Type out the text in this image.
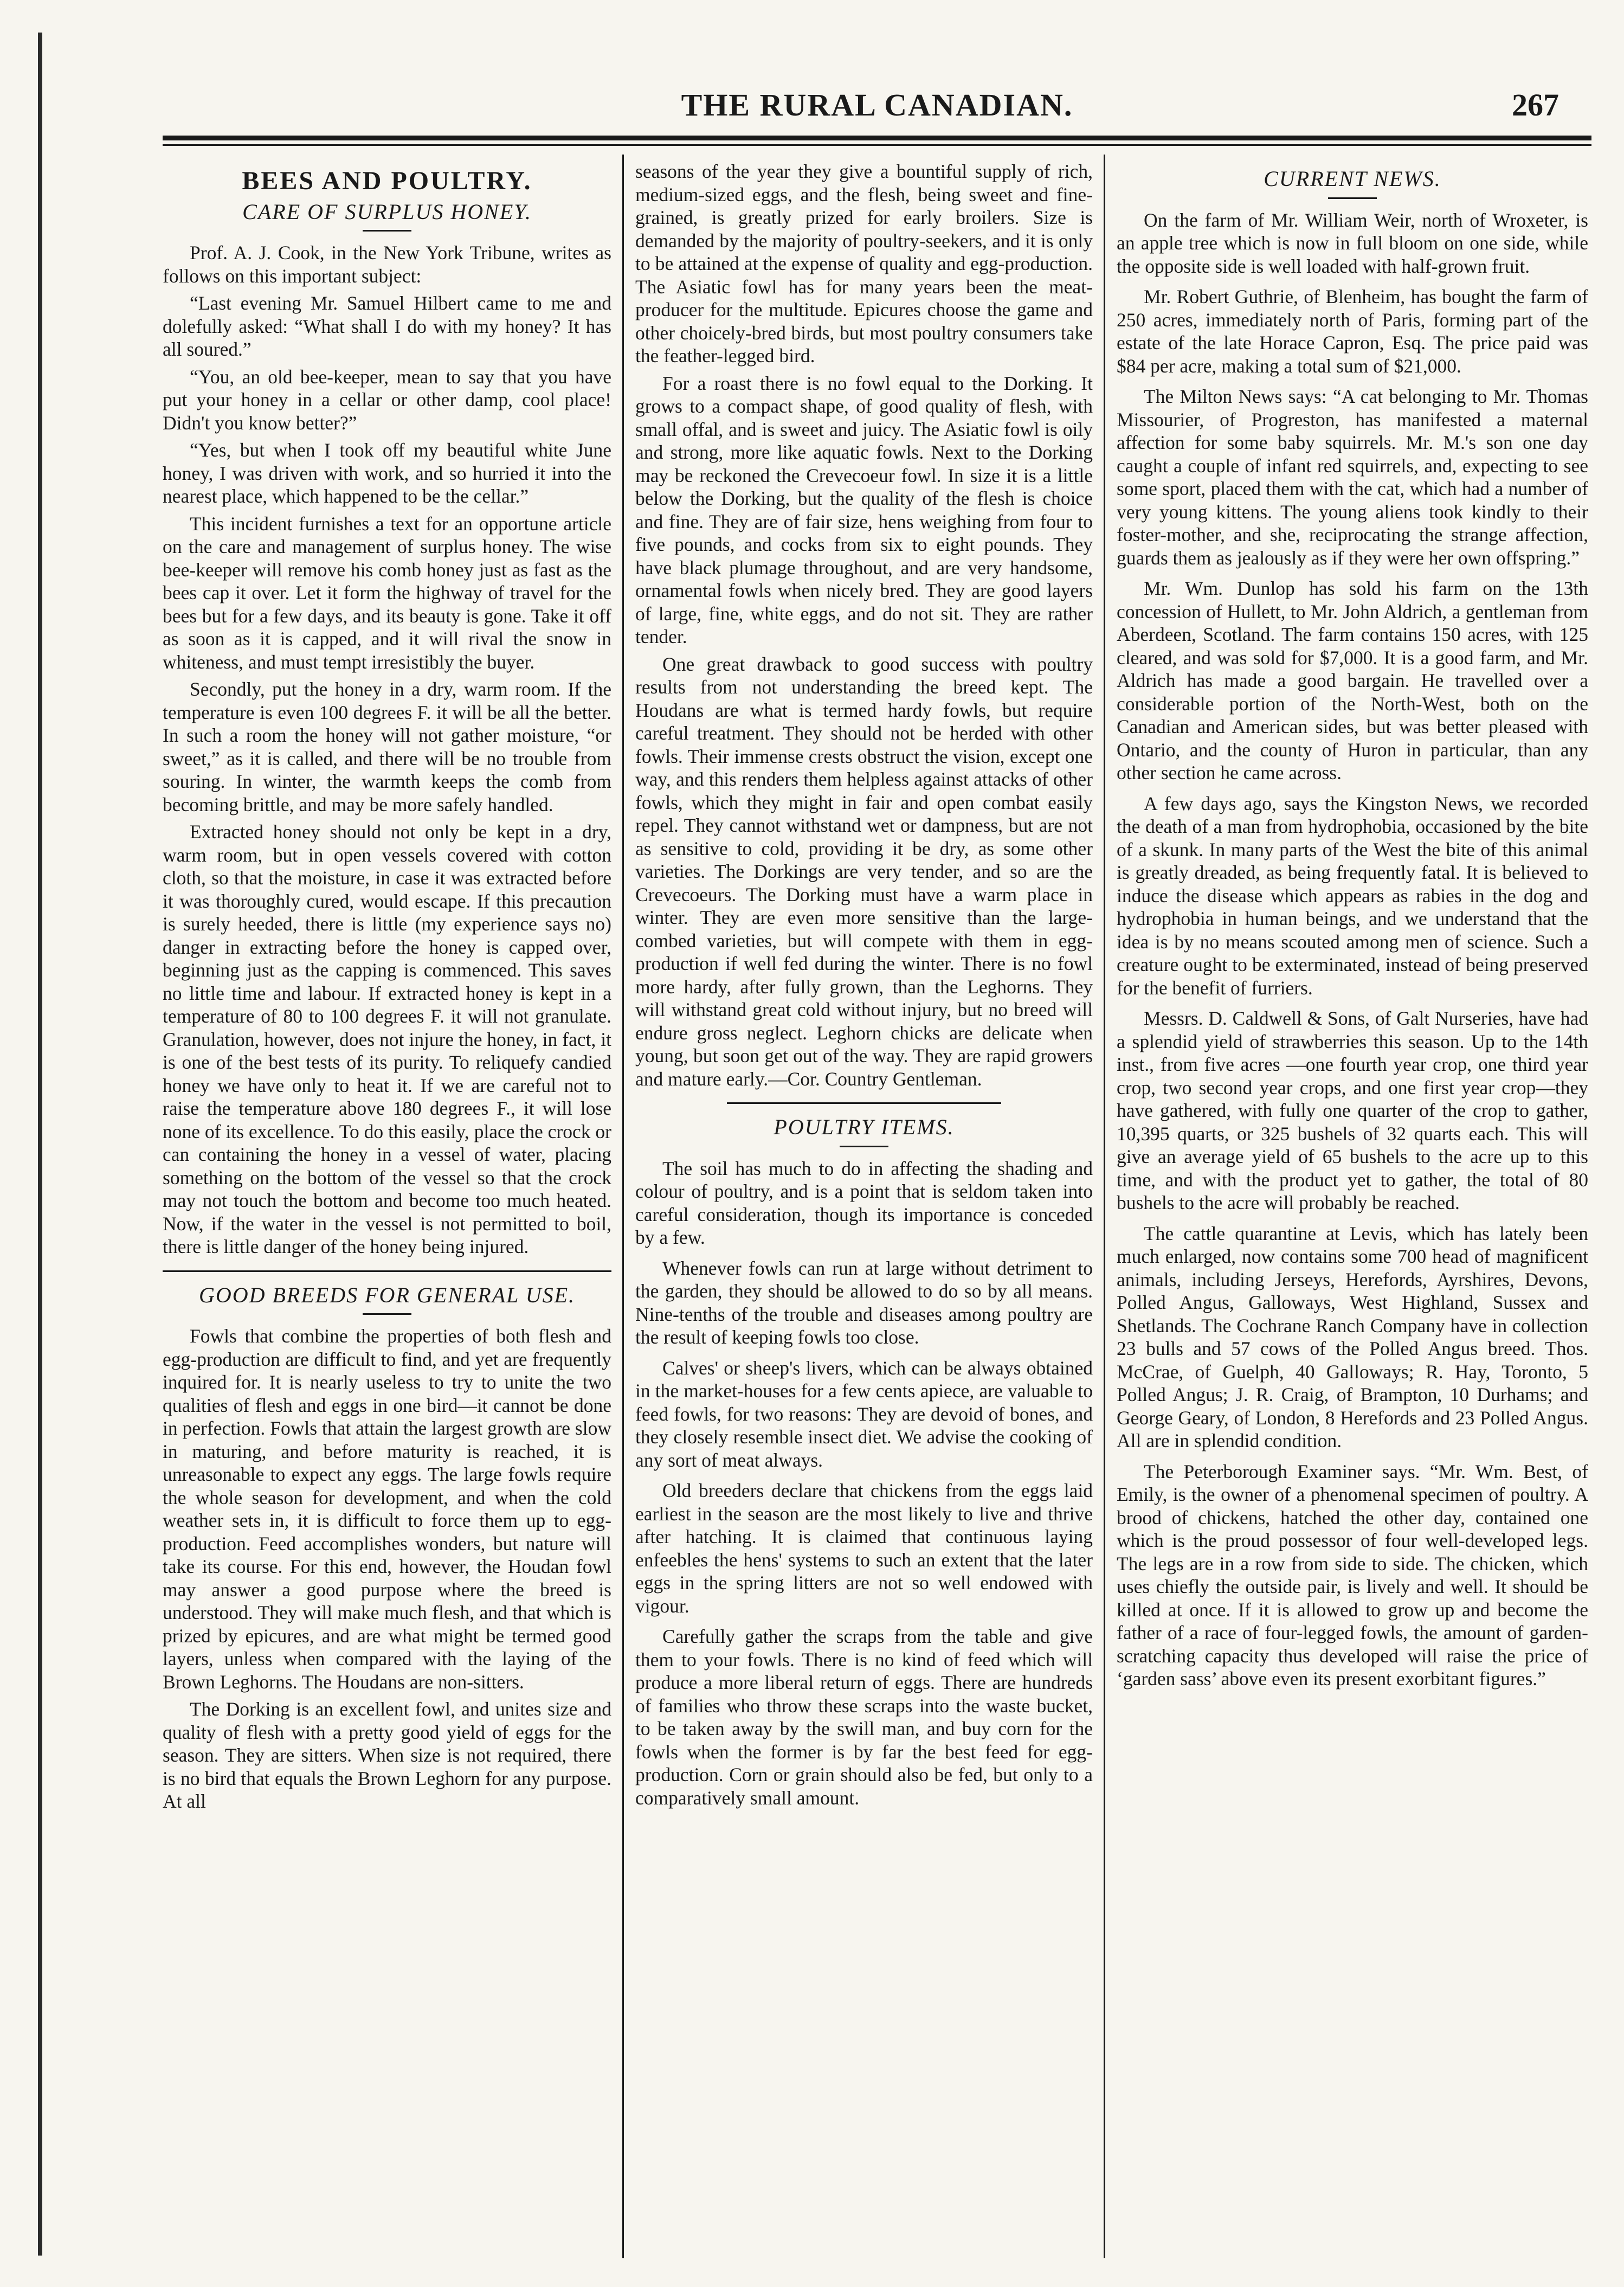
THE RURAL CANADIAN.	267
BEES AND POULTRY.
CARE OF SURPLUS HONEY.

Prof. A. J. Cook, in the New York Tribune, writes as follows on this important subject:

“Last evening Mr. Samuel Hilbert came to me and dolefully asked: “What shall I do with my honey? It has all soured.”

“You, an old bee-keeper, mean to say that you have put your honey in a cellar or other damp, cool place! Didn't you know better?”

“Yes, but when I took off my beautiful white June honey, I was driven with work, and so hurried it into the nearest place, which happened to be the cellar.”

This incident furnishes a text for an opportune article on the care and management of surplus honey. The wise bee-keeper will remove his comb honey just as fast as the bees cap it over. Let it form the highway of travel for the bees but for a few days, and its beauty is gone. Take it off as soon as it is capped, and it will rival the snow in whiteness, and must tempt irresistibly the buyer.

Secondly, put the honey in a dry, warm room. If the temperature is even 100 degrees F. it will be all the better. In such a room the honey will not gather moisture, “or sweet,” as it is called, and there will be no trouble from souring. In winter, the warmth keeps the comb from becoming brittle, and may be more safely handled.

Extracted honey should not only be kept in a dry, warm room, but in open vessels covered with cotton cloth, so that the moisture, in case it was extracted before it was thoroughly cured, would escape. If this precaution is surely heeded, there is little (my experience says no) danger in extracting before the honey is capped over, beginning just as the capping is commenced. This saves no little time and labour. If extracted honey is kept in a temperature of 80 to 100 degrees F. it will not granulate. Granulation, however, does not injure the honey, in fact, it is one of the best tests of its purity. To reliquefy candied honey we have only to heat it. If we are careful not to raise the temperature above 180 degrees F., it will lose none of its excellence. To do this easily, place the crock or can containing the honey in a vessel of water, placing something on the bottom of the vessel so that the crock may not touch the bottom and become too much heated. Now, if the water in the vessel is not permitted to boil, there is little danger of the honey being injured.

GOOD BREEDS FOR GENERAL USE.

Fowls that combine the properties of both flesh and egg-production are difficult to find, and yet are frequently inquired for. It is nearly useless to try to unite the two qualities of flesh and eggs in one bird—it cannot be done in perfection. Fowls that attain the largest growth are slow in maturing, and before maturity is reached, it is unreasonable to expect any eggs. The large fowls require the whole season for development, and when the cold weather sets in, it is difficult to force them up to egg-production. Feed accomplishes wonders, but nature will take its course. For this end, however, the Houdan fowl may answer a good purpose where the breed is understood. They will make much flesh, and that which is prized by epicures, and are what might be termed good layers, unless when compared with the laying of the Brown Leghorns. The Houdans are non-sitters.

The Dorking is an excellent fowl, and unites size and quality of flesh with a pretty good yield of eggs for the season. They are sitters. When size is not required, there is no bird that equals the Brown Leghorn for any purpose. At all

seasons of the year they give a bountiful supply of rich, medium-sized eggs, and the flesh, being sweet and fine-grained, is greatly prized for early broilers. Size is demanded by the majority of poultry-seekers, and it is only to be attained at the expense of quality and egg-production. The Asiatic fowl has for many years been the meat-producer for the multitude. Epicures choose the game and other choicely-bred birds, but most poultry consumers take the feather-legged bird.

For a roast there is no fowl equal to the Dorking. It grows to a compact shape, of good quality of flesh, with small offal, and is sweet and juicy. The Asiatic fowl is oily and strong, more like aquatic fowls. Next to the Dorking may be reckoned the Crevecoeur fowl. In size it is a little below the Dorking, but the quality of the flesh is choice and fine. They are of fair size, hens weighing from four to five pounds, and cocks from six to eight pounds. They have black plumage throughout, and are very handsome, ornamental fowls when nicely bred. They are good layers of large, fine, white eggs, and do not sit. They are rather tender.

One great drawback to good success with poultry results from not understanding the breed kept. The Houdans are what is termed hardy fowls, but require careful treatment. They should not be herded with other fowls. Their immense crests obstruct the vision, except one way, and this renders them helpless against attacks of other fowls, which they might in fair and open combat easily repel. They cannot withstand wet or dampness, but are not as sensitive to cold, providing it be dry, as some other varieties. The Dorkings are very tender, and so are the Crevecoeurs. The Dorking must have a warm place in winter. They are even more sensitive than the large-combed varieties, but will compete with them in egg-production if well fed during the winter. There is no fowl more hardy, after fully grown, than the Leghorns. They will withstand great cold without injury, but no breed will endure gross neglect. Leghorn chicks are delicate when young, but soon get out of the way. They are rapid growers and mature early.—Cor. Country Gentleman.

POULTRY ITEMS.

The soil has much to do in affecting the shading and colour of poultry, and is a point that is seldom taken into careful consideration, though its importance is conceded by a few.

Whenever fowls can run at large without detriment to the garden, they should be allowed to do so by all means. Nine-tenths of the trouble and diseases among poultry are the result of keeping fowls too close.

Calves' or sheep's livers, which can be always obtained in the market-houses for a few cents apiece, are valuable to feed fowls, for two reasons: They are devoid of bones, and they closely resemble insect diet. We advise the cooking of any sort of meat always.

Old breeders declare that chickens from the eggs laid earliest in the season are the most likely to live and thrive after hatching. It is claimed that continuous laying enfeebles the hens' systems to such an extent that the later eggs in the spring litters are not so well endowed with vigour.

Carefully gather the scraps from the table and give them to your fowls. There is no kind of feed which will produce a more liberal return of eggs. There are hundreds of families who throw these scraps into the waste bucket, to be taken away by the swill man, and buy corn for the fowls when the former is by far the best feed for egg-production. Corn or grain should also be fed, but only to a comparatively small amount.

CURRENT NEWS.

On the farm of Mr. William Weir, north of Wroxeter, is an apple tree which is now in full bloom on one side, while the opposite side is well loaded with half-grown fruit.

Mr. Robert Guthrie, of Blenheim, has bought the farm of 250 acres, immediately north of Paris, forming part of the estate of the late Horace Capron, Esq. The price paid was $84 per acre, making a total sum of $21,000.

The Milton News says: “A cat belonging to Mr. Thomas Missourier, of Progreston, has manifested a maternal affection for some baby squirrels. Mr. M.'s son one day caught a couple of infant red squirrels, and, expecting to see some sport, placed them with the cat, which had a number of very young kittens. The young aliens took kindly to their foster-mother, and she, reciprocating the strange affection, guards them as jealously as if they were her own offspring.”

Mr. Wm. Dunlop has sold his farm on the 13th concession of Hullett, to Mr. John Aldrich, a gentleman from Aberdeen, Scotland. The farm contains 150 acres, with 125 cleared, and was sold for $7,000. It is a good farm, and Mr. Aldrich has made a good bargain. He travelled over a considerable portion of the North-West, both on the Canadian and American sides, but was better pleased with Ontario, and the county of Huron in particular, than any other section he came across.

A few days ago, says the Kingston News, we recorded the death of a man from hydrophobia, occasioned by the bite of a skunk. In many parts of the West the bite of this animal is greatly dreaded, as being frequently fatal. It is believed to induce the disease which appears as rabies in the dog and hydrophobia in human beings, and we understand that the idea is by no means scouted among men of science. Such a creature ought to be exterminated, instead of being preserved for the benefit of furriers.

Messrs. D. Caldwell & Sons, of Galt Nurseries, have had a splendid yield of strawberries this season. Up to the 14th inst., from five acres —one fourth year crop, one third year crop, two second year crops, and one first year crop—they have gathered, with fully one quarter of the crop to gather, 10,395 quarts, or 325 bushels of 32 quarts each. This will give an average yield of 65 bushels to the acre up to this time, and with the product yet to gather, the total of 80 bushels to the acre will probably be reached.

The cattle quarantine at Levis, which has lately been much enlarged, now contains some 700 head of magnificent animals, including Jerseys, Herefords, Ayrshires, Devons, Polled Angus, Galloways, West Highland, Sussex and Shetlands. The Cochrane Ranch Company have in collection 23 bulls and 57 cows of the Polled Angus breed. Thos. McCrae, of Guelph, 40 Galloways; R. Hay, Toronto, 5 Polled Angus; J. R. Craig, of Brampton, 10 Durhams; and George Geary, of London, 8 Herefords and 23 Polled Angus. All are in splendid condition.

The Peterborough Examiner says. “Mr. Wm. Best, of Emily, is the owner of a phenomenal specimen of poultry. A brood of chickens, hatched the other day, contained one which is the proud possessor of four well-developed legs. The legs are in a row from side to side. The chicken, which uses chiefly the outside pair, is lively and well. It should be killed at once. If it is allowed to grow up and become the father of a race of four-legged fowls, the amount of garden-scratching capacity thus developed will raise the price of ‘garden sass’ above even its present exorbitant figures.”
